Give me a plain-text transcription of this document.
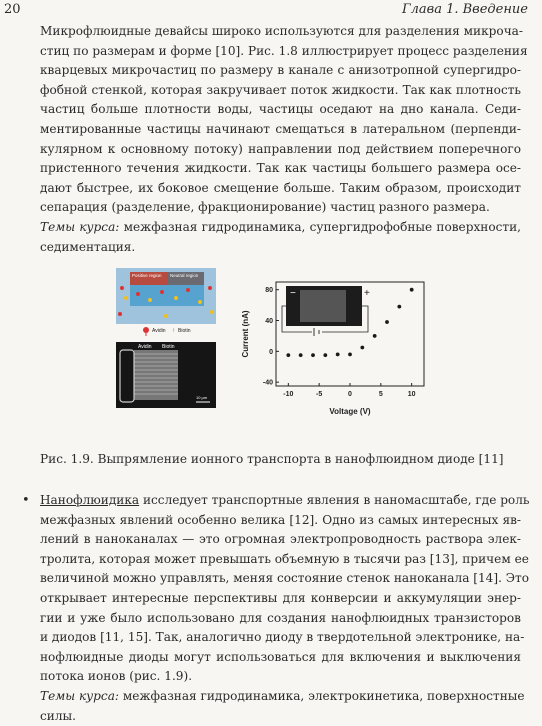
20	Глава 1. Введение
Микрофлюидные девайсы широко используются для разделения микроча-
стиц по размерам и форме [10]. Рис. 1.8 иллюстрирует процесс разделения
кварцевых микрочастиц по размеру в канале с анизотропной супергидро-
фобной стенкой, которая закручивает поток жидкости. Так как плотность
частиц больше плотности воды, частицы оседают на дно канала. Седи-
ментированные частицы начинают смещаться в латеральном (перпенди-
кулярном к основному потоку) направлении под действием поперечного
пристенного течения жидкости. Так как частицы большего размера осе-
дают быстрее, их боковое смещение больше. Таким образом, происходит
сепарация (разделение, фракционирование) частиц разного размера.
Темы курса: межфазная гидродинамика, супергидрофобные поверхности,
седиментация.
Positive region Neutral region
Avidin ↑ Biotin
Avidin Biotin
10 µm	-10	-5	0	5	10
-40
0
40
80 −	+
Voltage (V)
Current (nA)
Рис. 1.9. Выпрямление ионного транспорта в нанофлюидном диоде [11]
• Нанофлюидика исследует транспортные явления в наномасштабе, где роль
межфазных явлений особенно велика [12]. Одно из самых интересных яв-
лений в наноканалах — это огромная электропроводность раствора элек-
тролита, которая может превышать объемную в тысячи раз [13], причем ее
величиной можно управлять, меняя состояние стенок наноканала [14]. Это
открывает интересные перспективы для конверсии и аккумуляции энер-
гии и уже было использовано для создания нанофлюидных транзисторов
и диодов [11, 15]. Так, аналогично диоду в твердотельной электронике, на-
нофлюидные диоды могут использоваться для включения и выключения
потока ионов (рис. 1.9).
Темы курса: межфазная гидродинамика, электрокинетика, поверхностные
силы.
